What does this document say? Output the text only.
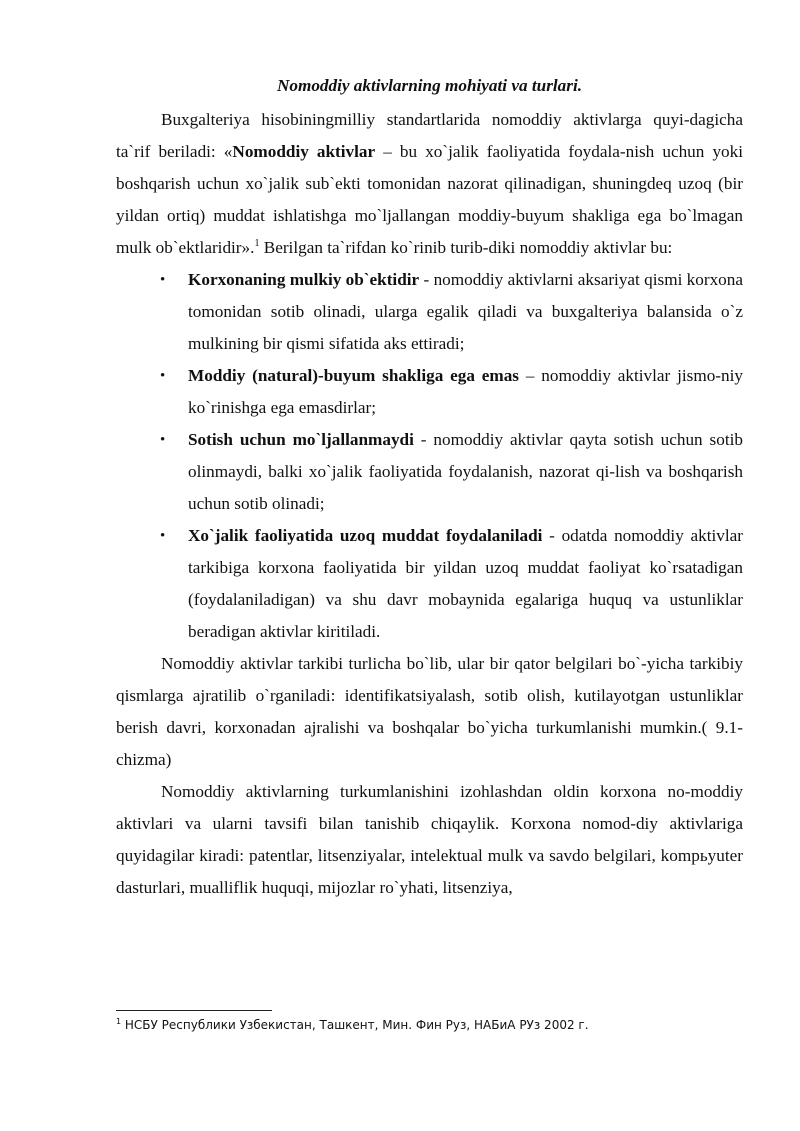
Nomoddiy aktivlarning mohiyati va turlari.

Buxgalteriya hisobiningmilliy standartlarida nomoddiy aktivlarga quyi-dagicha ta`rif beriladi: «Nomoddiy aktivlar – bu xo`jalik faoliyatida foydala-nish uchun yoki boshqarish uchun xo`jalik sub`ekti tomonidan nazorat qilinadigan, shuningdeq uzoq (bir yildan ortiq) muddat ishlatishga mo`ljallangan moddiy-buyum shakliga ega bo`lmagan mulk ob`ektlaridir».$^1$ Berilgan ta`rifdan ko`rinib turib-diki nomoddiy aktivlar bu:

• Korxonaning mulkiy ob`ektidir - nomoddiy aktivlarni aksariyat qismi korxona tomonidan sotib olinadi, ularga egalik qiladi va buxgalteriya balansida o`z mulkining bir qismi sifatida aks ettiradi;
• Moddiy (natural)-buyum shakliga ega emas – nomoddiy aktivlar jismo-niy ko`rinishga ega emasdirlar;
• Sotish uchun mo`ljallanmaydi - nomoddiy aktivlar qayta sotish uchun sotib olinmaydi, balki xo`jalik faoliyatida foydalanish, nazorat qi-lish va boshqarish uchun sotib olinadi;
• Xo`jalik faoliyatida uzoq muddat foydalaniladi - odatda nomoddiy aktivlar tarkibiga korxona faoliyatida bir yildan uzoq muddat faoliyat ko`rsatadigan (foydalaniladigan) va shu davr mobaynida egalariga huquq va ustunliklar beradigan aktivlar kiritiladi.

Nomoddiy aktivlar tarkibi turlicha bo`lib, ular bir qator belgilari bo`-yicha tarkibiy qismlarga ajratilib o`rganiladi: identifikatsiyalash, sotib olish, kutilayotgan ustunliklar berish davri, korxonadan ajralishi va boshqalar bo`yicha turkumlanishi mumkin.( 9.1-chizma)

Nomoddiy aktivlarning turkumlanishini izohlashdan oldin korxona no-moddiy aktivlari va ularni tavsifi bilan tanishib chiqaylik. Korxona nomod-diy aktivlariga quyidagilar kiradi: patentlar, litsenziyalar, intelektual mulk va savdo belgilari, kompьyuter dasturlari, mualliflik huquqi, mijozlar ro`yhati, litsenziya,

$^1$ НСБУ Республики Узбекистан, Ташкент, Мин. Фин Руз, НАБиА РУз 2002 г.
